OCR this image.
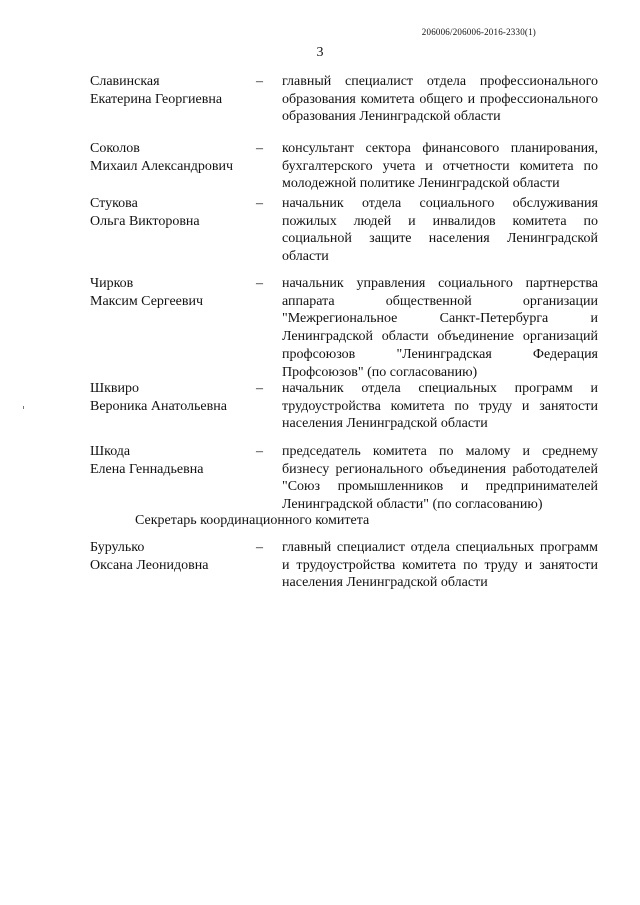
206006/206006-2016-2330(1)
3
Славинская
Екатерина Георгиевна
–	главный специалист отдела профессионального образования комитета общего и профессионального образования Ленинградской области
Соколов
Михаил Александрович
–	консультант сектора финансового планирования, бухгалтерского учета и отчетности комитета по молодежной политике Ленинградской области
Стукова
Ольга Викторовна
–	начальник отдела социального обслуживания пожилых людей и инвалидов комитета по социальной защите населения Ленинградской области
Чирков
Максим Сергеевич
–	начальник управления социального партнерства аппарата общественной организации "Межрегиональное Санкт-Петербурга и Ленинградской области объединение организаций профсоюзов "Ленинградская Федерация Профсоюзов" (по согласованию)
Шквиро
Вероника Анатольевна
–	начальник отдела специальных программ и трудоустройства комитета по труду и занятости населения Ленинградской области
Шкода
Елена Геннадьевна
–	председатель комитета по малому и среднему бизнесу регионального объединения работодателей "Союз промышленников и предпринимателей Ленинградской области" (по согласованию)
Секретарь координационного комитета
Бурулько
Оксана Леонидовна
–	главный специалист отдела специальных программ и трудоустройства комитета по труду и занятости населения Ленинградской области
